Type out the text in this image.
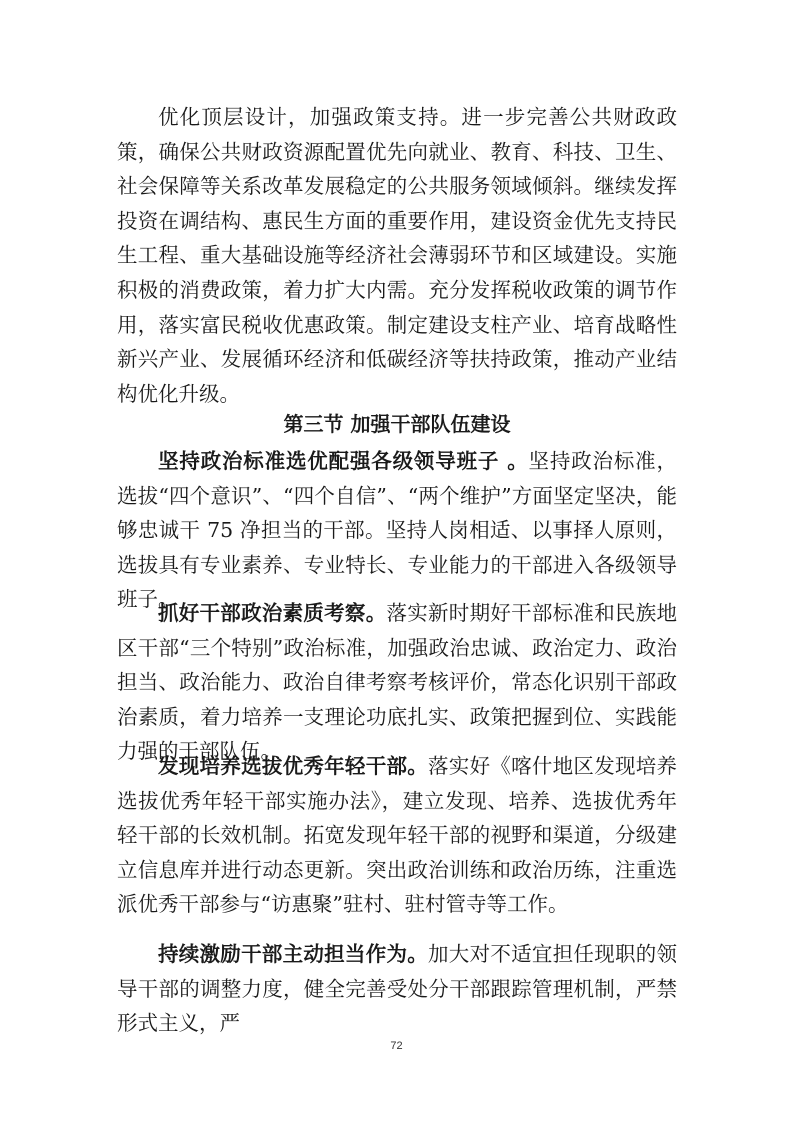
优化顶层设计，加强政策支持。进一步完善公共财政政策，确保公共财政资源配置优先向就业、教育、科技、卫生、社会保障等关系改革发展稳定的公共服务领域倾斜。继续发挥投资在调结构、惠民生方面的重要作用，建设资金优先支持民生工程、重大基础设施等经济社会薄弱环节和区域建设。实施积极的消费政策，着力扩大内需。充分发挥税收政策的调节作用，落实富民税收优惠政策。制定建设支柱产业、培育战略性新兴产业、发展循环经济和低碳经济等扶持政策，推动产业结构优化升级。

第三节 加强干部队伍建设

坚持政治标准选优配强各级领导班子 。坚持政治标准，选拔“四个意识”、“四个自信”、“两个维护”方面坚定坚决，能够忠诚干 75 净担当的干部。坚持人岗相适、以事择人原则，选拔具有专业素养、专业特长、专业能力的干部进入各级领导班子。

抓好干部政治素质考察。落实新时期好干部标准和民族地区干部“三个特别”政治标准，加强政治忠诚、政治定力、政治担当、政治能力、政治自律考察考核评价，常态化识别干部政治素质，着力培养一支理论功底扎实、政策把握到位、实践能力强的干部队伍。

发现培养选拔优秀年轻干部。落实好《喀什地区发现培养选拔优秀年轻干部实施办法》，建立发现、培养、选拔优秀年轻干部的长效机制。拓宽发现年轻干部的视野和渠道，分级建立信息库并进行动态更新。突出政治训练和政治历练，注重选派优秀干部参与“访惠聚”驻村、驻村管寺等工作。

持续激励干部主动担当作为。加大对不适宜担任现职的领导干部的调整力度，健全完善受处分干部跟踪管理机制，严禁形式主义，严

72
